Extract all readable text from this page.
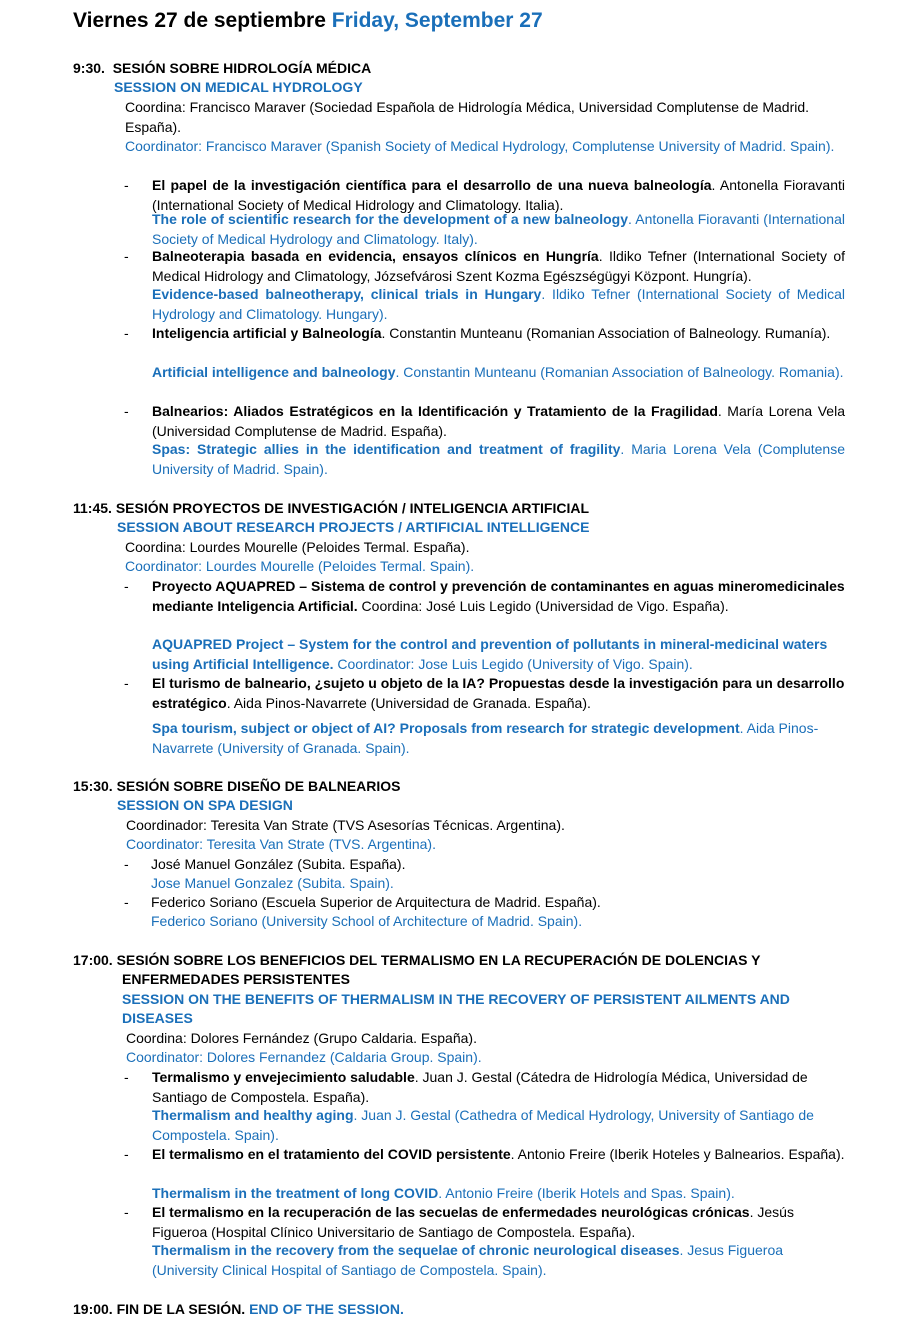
Viernes 27 de septiembre Friday, September 27
9:30. SESIÓN SOBRE HIDROLOGÍA MÉDICA
SESSION ON MEDICAL HYDROLOGY
Coordina: Francisco Maraver (Sociedad Española de Hidrología Médica, Universidad Complutense de Madrid. España).
Coordinator: Francisco Maraver (Spanish Society of Medical Hydrology, Complutense University of Madrid. Spain).
- El papel de la investigación científica para el desarrollo de una nueva balneología. Antonella Fioravanti (International Society of Medical Hidrology and Climatology. Italia).
The role of scientific research for the development of a new balneology. Antonella Fioravanti (International Society of Medical Hydrology and Climatology. Italy).
- Balneoterapia basada en evidencia, ensayos clínicos en Hungría. Ildiko Tefner (International Society of Medical Hidrology and Climatology, Józsefvárosi Szent Kozma Egészségügyi Központ. Hungría).
Evidence-based balneotherapy, clinical trials in Hungary. Ildiko Tefner (International Society of Medical Hydrology and Climatology. Hungary).
- Inteligencia artificial y Balneología. Constantin Munteanu (Romanian Association of Balneology. Rumanía).
Artificial intelligence and balneology. Constantin Munteanu (Romanian Association of Balneology. Romania).
- Balnearios: Aliados Estratégicos en la Identificación y Tratamiento de la Fragilidad. María Lorena Vela (Universidad Complutense de Madrid. España).
Spas: Strategic allies in the identification and treatment of fragility. Maria Lorena Vela (Complutense University of Madrid. Spain).
11:45. SESIÓN PROYECTOS DE INVESTIGACIÓN / INTELIGENCIA ARTIFICIAL
SESSION ABOUT RESEARCH PROJECTS / ARTIFICIAL INTELLIGENCE
Coordina: Lourdes Mourelle (Peloides Termal. España).
Coordinator: Lourdes Mourelle (Peloides Termal. Spain).
- Proyecto AQUAPRED – Sistema de control y prevención de contaminantes en aguas mineromedicinales mediante Inteligencia Artificial. Coordina: José Luis Legido (Universidad de Vigo. España).
AQUAPRED Project – System for the control and prevention of pollutants in mineral-medicinal waters using Artificial Intelligence. Coordinator: Jose Luis Legido (University of Vigo. Spain).
- El turismo de balneario, ¿sujeto u objeto de la IA? Propuestas desde la investigación para un desarrollo estratégico. Aida Pinos-Navarrete (Universidad de Granada. España).
Spa tourism, subject or object of AI? Proposals from research for strategic development. Aida Pinos-Navarrete (University of Granada. Spain).
15:30. SESIÓN SOBRE DISEÑO DE BALNEARIOS
SESSION ON SPA DESIGN
Coordinador: Teresita Van Strate (TVS Asesorías Técnicas. Argentina).
Coordinator: Teresita Van Strate (TVS. Argentina).
- José Manuel González (Subita. España).
Jose Manuel Gonzalez (Subita. Spain).
- Federico Soriano (Escuela Superior de Arquitectura de Madrid. España).
Federico Soriano (University School of Architecture of Madrid. Spain).
17:00. SESIÓN SOBRE LOS BENEFICIOS DEL TERMALISMO EN LA RECUPERACIÓN DE DOLENCIAS Y
ENFERMEDADES PERSISTENTES
SESSION ON THE BENEFITS OF THERMALISM IN THE RECOVERY OF PERSISTENT AILMENTS AND
DISEASES
Coordina: Dolores Fernández (Grupo Caldaria. España).
Coordinator: Dolores Fernandez (Caldaria Group. Spain).
- Termalismo y envejecimiento saludable. Juan J. Gestal (Cátedra de Hidrología Médica, Universidad de Santiago de Compostela. España).
Thermalism and healthy aging. Juan J. Gestal (Cathedra of Medical Hydrology, University of Santiago de Compostela. Spain).
- El termalismo en el tratamiento del COVID persistente. Antonio Freire (Iberik Hoteles y Balnearios. España).
Thermalism in the treatment of long COVID. Antonio Freire (Iberik Hotels and Spas. Spain).
- El termalismo en la recuperación de las secuelas de enfermedades neurológicas crónicas. Jesús Figueroa (Hospital Clínico Universitario de Santiago de Compostela. España).
Thermalism in the recovery from the sequelae of chronic neurological diseases. Jesus Figueroa (University Clinical Hospital of Santiago de Compostela. Spain).
19:00. FIN DE LA SESIÓN. END OF THE SESSION.
